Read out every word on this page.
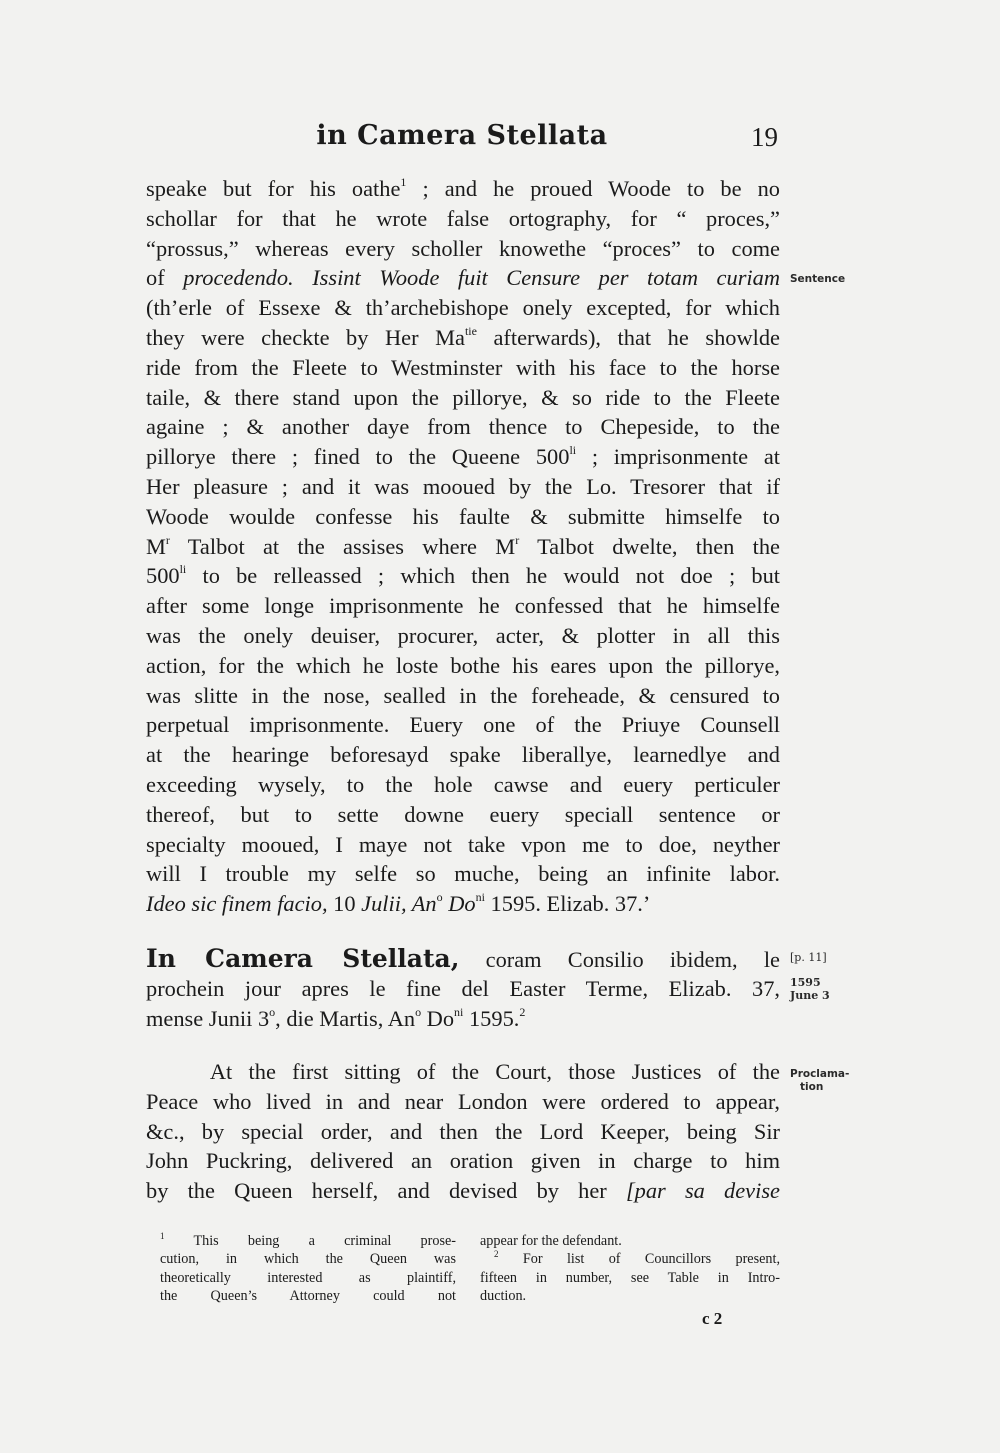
in Camera Stellata	19
speake but for his oathe$^1$ ; and he proued Woode to be no
schollar for that he wrote false ortography, for “ proces,”
“prossus,” whereas every scholler knowethe “proces” to come
of procedendo. Issint Woode fuit Censure per totam curiam
(th’erle of Essexe & th’archebishope onely excepted, for which
they were checkte by Her $Ma^{tie}$ afterwards), that he showlde
ride from the Fleete to Westminster with his face to the horse
taile, & there stand upon the pillorye, & so ride to the Fleete
againe ; & another daye from thence to Chepeside, to the
pillorye there ; fined to the Queene $500^{li}$ ; imprisonmente at
Her pleasure ; and it was mooued by the Lo. Tresorer that if
Woode woulde confesse his faulte & submitte himselfe to
$M^r$ Talbot at the assises where $M^r$ Talbot dwelte, then the
$500^{li}$ to be relleassed ; which then he would not doe ; but
after some longe imprisonmente he confessed that he himselfe
was the onely deuiser, procurer, acter, & plotter in all this
action, for the which he loste bothe his eares upon the pillorye,
was slitte in the nose, sealled in the foreheade, & censured to
perpetual imprisonmente. Euery one of the Priuye Counsell
at the hearinge beforesayd spake liberallye, learnedlye and
exceeding wysely, to the hole cawse and euery perticuler
thereof, but to sette downe euery speciall sentence or
specialty mooued, I maye not take vpon me to doe, neyther
will I trouble my selfe so muche, being an infinite labor.
Ideo sic finem facio, 10 Julii, An$^o$ $Do^{ni}$ 1595. Elizab. 37.’
In Camera Stellata, coram Consilio ibidem, le
prochein jour apres le fine del Easter Terme, Elizab. 37,
mense Junii 3$^o$, die Martis, An$^o$ $Do^{ni}$ 1595.$^2$
At the first sitting of the Court, those Justices of the
Peace who lived in and near London were ordered to appear,
&c., by special order, and then the Lord Keeper, being Sir
John Puckring, delivered an oration given in charge to him
by the Queen herself, and devised by her [par sa devise
Sentence
[p. 11]
1595
June 3
Proclama-
tion
$^1$ This being a criminal prose-
cution, in which the Queen was
theoretically interested as plaintiff,
the Queen’s Attorney could not
appear for the defendant.
$^2$ For list of Councillors present,
fifteen in number, see Table in Intro-
duction.
c 2
